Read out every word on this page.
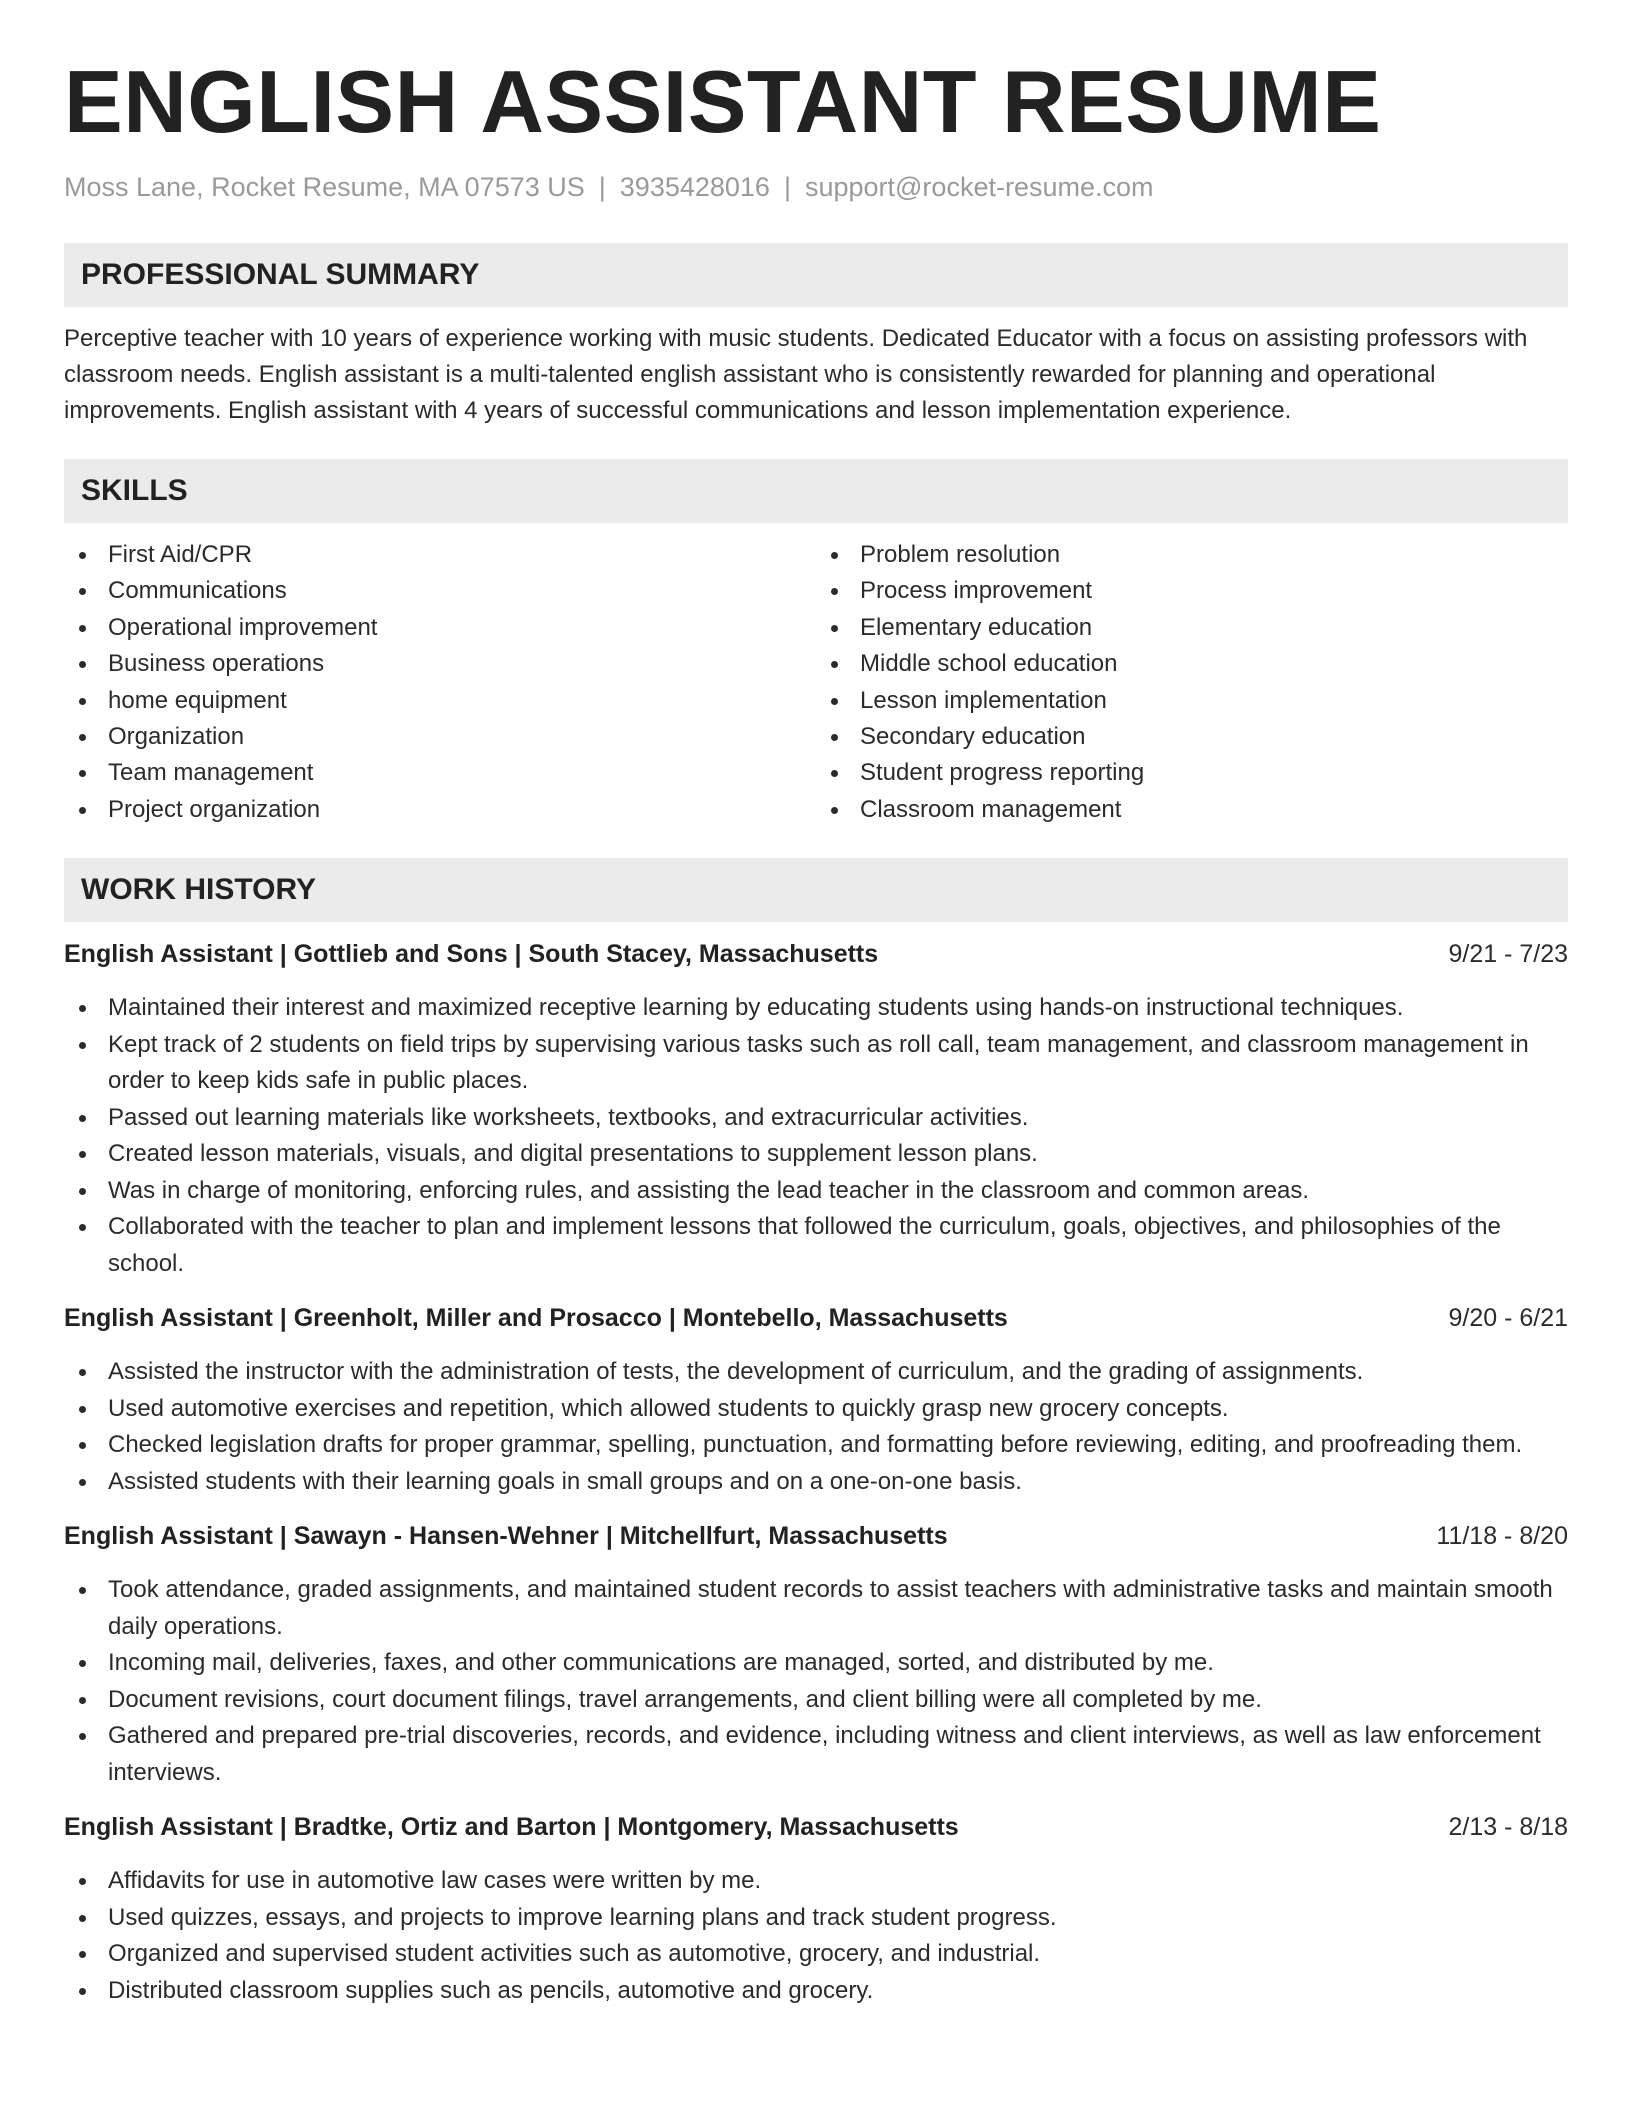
ENGLISH ASSISTANT RESUME
Moss Lane, Rocket Resume, MA 07573 US | 3935428016 | support@rocket-resume.com
PROFESSIONAL SUMMARY

Perceptive teacher with 10 years of experience working with music students. Dedicated Educator with a focus on assisting professors with classroom needs. English assistant is a multi-talented english assistant who is consistently rewarded for planning and operational improvements. English assistant with 4 years of successful communications and lesson implementation experience.

SKILLS
First Aid/CPR
Communications
Operational improvement
Business operations
home equipment
Organization
Team management
Project organization
Problem resolution
Process improvement
Elementary education
Middle school education
Lesson implementation
Secondary education
Student progress reporting
Classroom management
WORK HISTORY
English Assistant | Gottlieb and Sons | South Stacey, Massachusetts	9/21 - 7/23
Maintained their interest and maximized receptive learning by educating students using hands-on instructional techniques.
Kept track of 2 students on field trips by supervising various tasks such as roll call, team management, and classroom management in order to keep kids safe in public places.
Passed out learning materials like worksheets, textbooks, and extracurricular activities.
Created lesson materials, visuals, and digital presentations to supplement lesson plans.
Was in charge of monitoring, enforcing rules, and assisting the lead teacher in the classroom and common areas.
Collaborated with the teacher to plan and implement lessons that followed the curriculum, goals, objectives, and philosophies of the school.
English Assistant | Greenholt, Miller and Prosacco | Montebello, Massachusetts	9/20 - 6/21
Assisted the instructor with the administration of tests, the development of curriculum, and the grading of assignments.
Used automotive exercises and repetition, which allowed students to quickly grasp new grocery concepts.
Checked legislation drafts for proper grammar, spelling, punctuation, and formatting before reviewing, editing, and proofreading them.
Assisted students with their learning goals in small groups and on a one-on-one basis.
English Assistant | Sawayn - Hansen-Wehner | Mitchellfurt, Massachusetts	11/18 - 8/20
Took attendance, graded assignments, and maintained student records to assist teachers with administrative tasks and maintain smooth daily operations.
Incoming mail, deliveries, faxes, and other communications are managed, sorted, and distributed by me.
Document revisions, court document filings, travel arrangements, and client billing were all completed by me.
Gathered and prepared pre-trial discoveries, records, and evidence, including witness and client interviews, as well as law enforcement interviews.
English Assistant | Bradtke, Ortiz and Barton | Montgomery, Massachusetts	2/13 - 8/18
Affidavits for use in automotive law cases were written by me.
Used quizzes, essays, and projects to improve learning plans and track student progress.
Organized and supervised student activities such as automotive, grocery, and industrial.
Distributed classroom supplies such as pencils, automotive and grocery.
